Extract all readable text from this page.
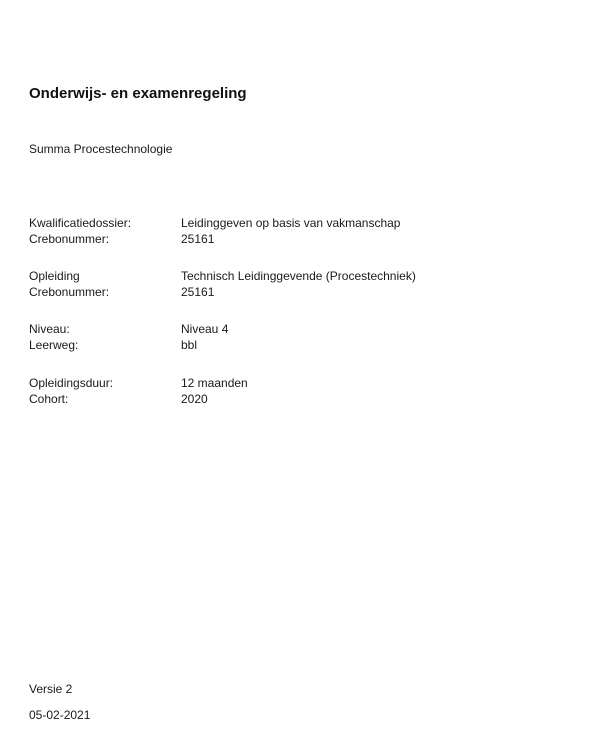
Onderwijs- en examenregeling
Summa Procestechnologie
Kwalificatiedossier:	Leidinggeven op basis van vakmanschap
Crebonummer:	25161
Opleiding	Technisch Leidinggevende (Procestechniek)
Crebonummer:	25161
Niveau:	Niveau 4
Leerweg:	bbl
Opleidingsduur:	12 maanden
Cohort:	2020
Versie 2
05-02-2021
